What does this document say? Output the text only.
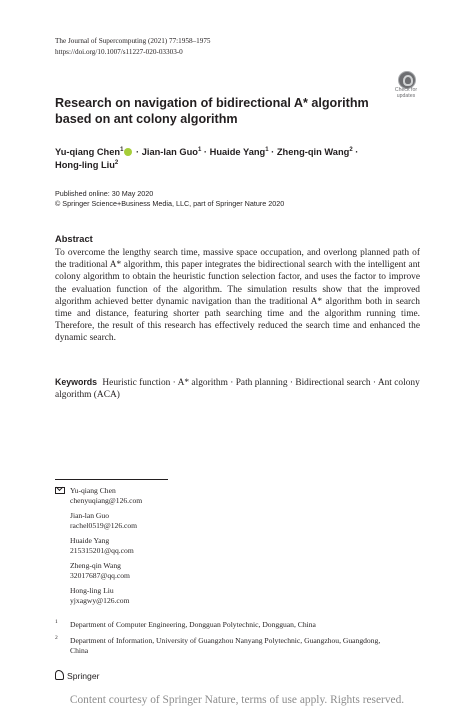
The Journal of Supercomputing (2021) 77:1958–1975
https://doi.org/10.1007/s11227-020-03303-0
Check for
updates
Research on navigation of bidirectional A* algorithm based on ant colony algorithm
Yu-qiang Chen$^1$ · Jian-lan Guo$^1$ · Huaide Yang$^1$ · Zheng-qin Wang$^2$ ·
Hong-ling Liu$^2$
Published online: 30 May 2020
© Springer Science+Business Media, LLC, part of Springer Nature 2020
Abstract
To overcome the lengthy search time, massive space occupation, and overlong planned path of the traditional A* algorithm, this paper integrates the bidirectional search with the intelligent ant colony algorithm to obtain the heuristic function selection factor, and uses the factor to improve the evaluation function of the algorithm. The simulation results show that the improved algorithm achieved better dynamic navigation than the traditional A* algorithm both in search time and distance, featuring shorter path searching time and the algorithm running time. Therefore, the result of this research has effectively reduced the search time and enhanced the dynamic search.
Keywords Heuristic function · A* algorithm · Path planning · Bidirectional search · Ant colony algorithm (ACA)
Yu-qiang Chen
chenyuqiang@126.com
Jian-lan Guo
rachel0519@126.com
Huaide Yang
215315201@qq.com
Zheng-qin Wang
32017687@qq.com
Hong-ling Liu
yjxagwy@126.com
1 Department of Computer Engineering, Dongguan Polytechnic, Dongguan, China
2 Department of Information, University of Guangzhou Nanyang Polytechnic, Guangzhou, Guangdong, China
Springer
Content courtesy of Springer Nature, terms of use apply. Rights reserved.
